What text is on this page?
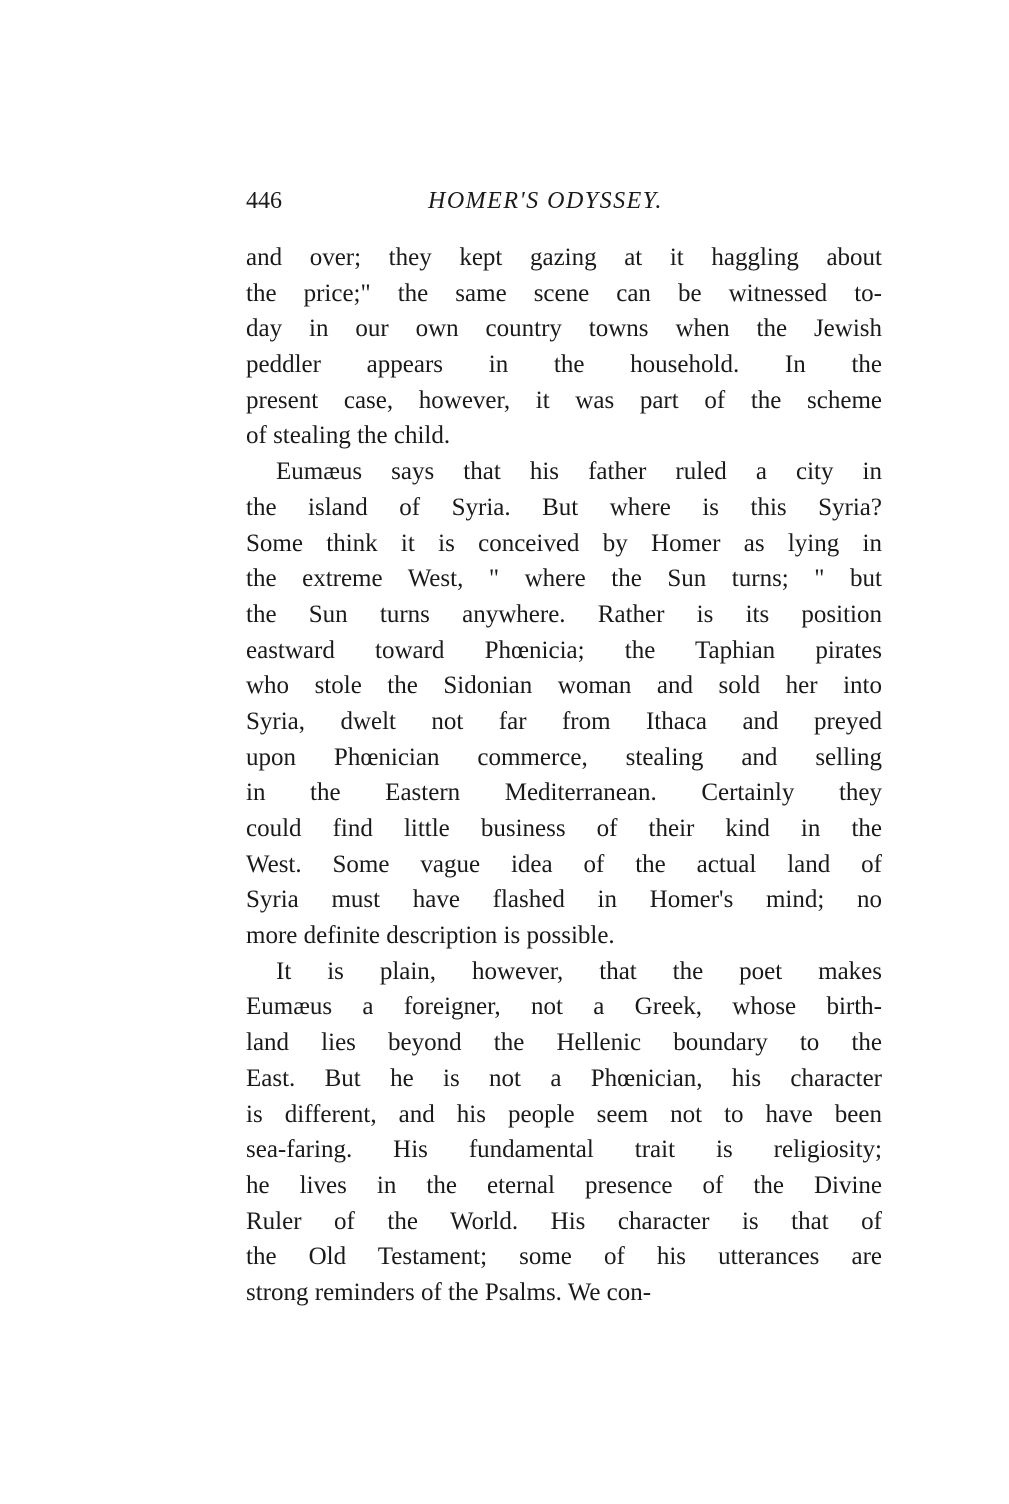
446	HOMER'S ODYSSEY.
and over; they kept gazing at it haggling about
the price;" the same scene can be witnessed to-
day in our own country towns when the Jewish
peddler appears in the household. In the
present case, however, it was part of the scheme
of stealing the child.
Eumæus says that his father ruled a city in
the island of Syria. But where is this Syria?
Some think it is conceived by Homer as lying in
the extreme West, " where the Sun turns; " but
the Sun turns anywhere. Rather is its position
eastward toward Phœnicia; the Taphian pirates
who stole the Sidonian woman and sold her into
Syria, dwelt not far from Ithaca and preyed
upon Phœnician commerce, stealing and selling
in the Eastern Mediterranean. Certainly they
could find little business of their kind in the
West. Some vague idea of the actual land of
Syria must have flashed in Homer's mind; no
more definite description is possible.
It is plain, however, that the poet makes
Eumæus a foreigner, not a Greek, whose birth-
land lies beyond the Hellenic boundary to the
East. But he is not a Phœnician, his character
is different, and his people seem not to have been
sea-faring. His fundamental trait is religiosity;
he lives in the eternal presence of the Divine
Ruler of the World. His character is that of
the Old Testament; some of his utterances are
strong reminders of the Psalms. We con-
